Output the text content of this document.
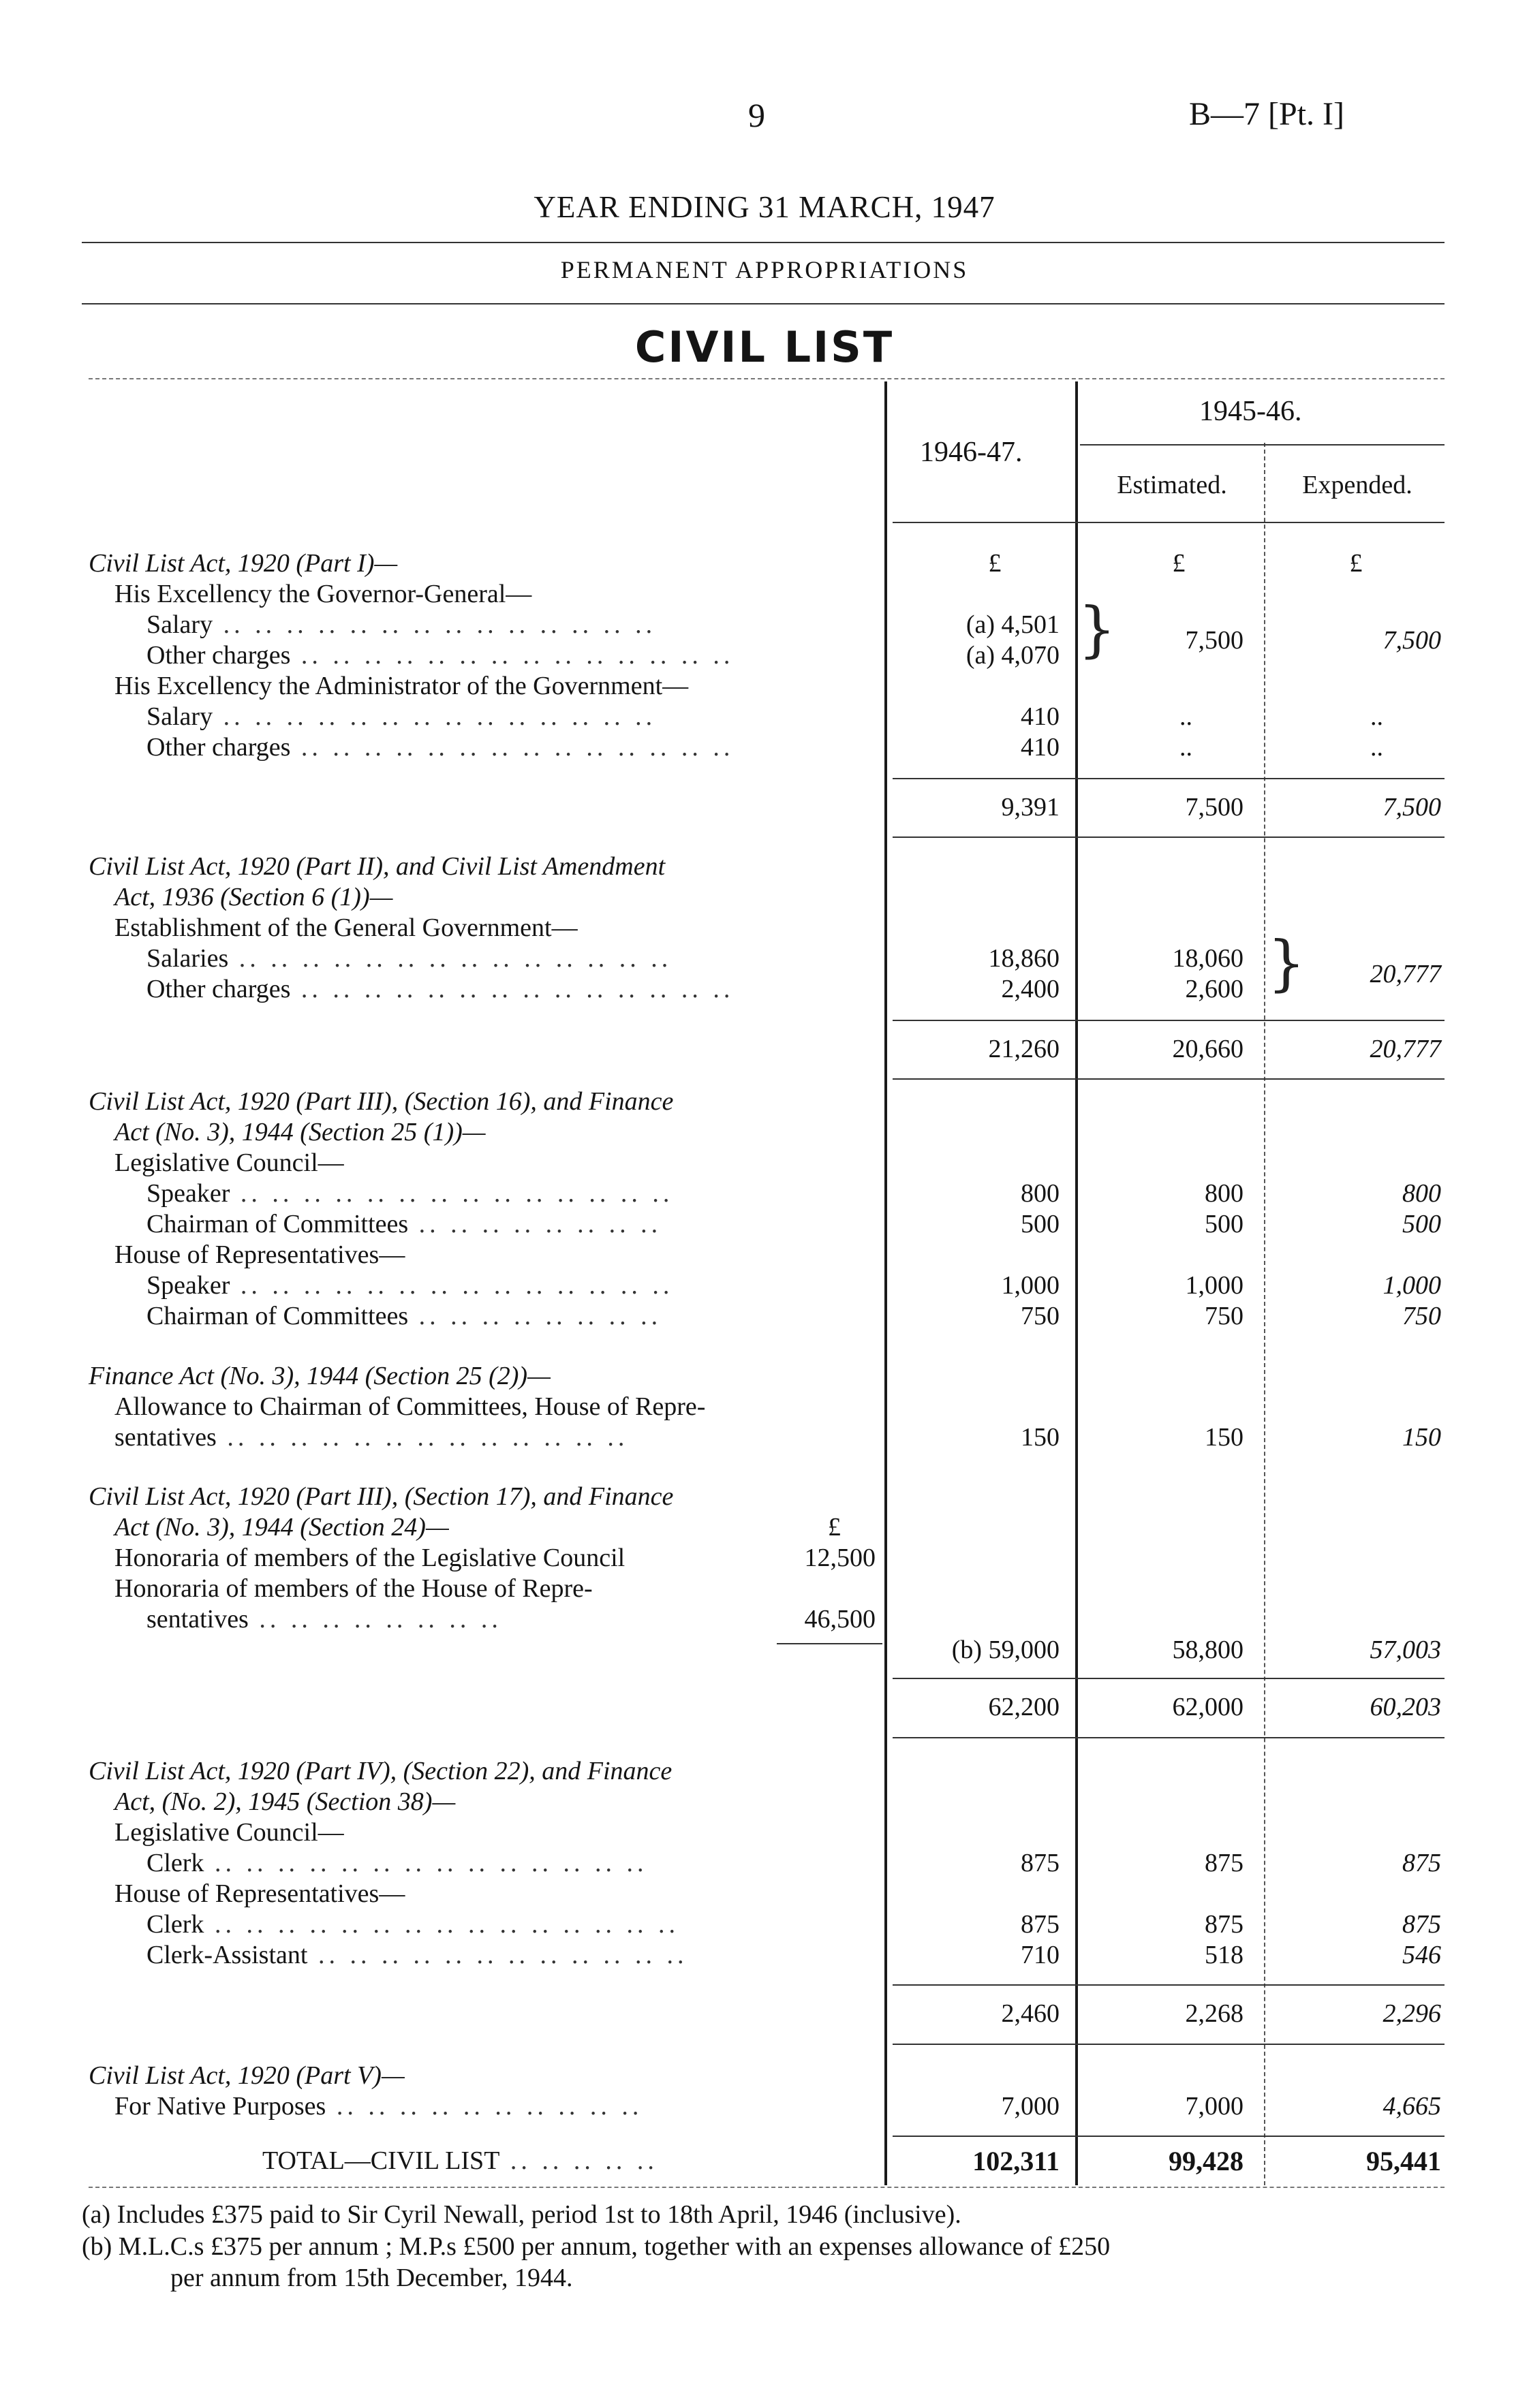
9	B—7 [Pt. I]
YEAR ENDING 31 MARCH, 1947
PERMANENT APPROPRIATIONS
CIVIL LIST
1946-47.
1945-46.
Estimated.	Expended.
£	£	£
Civil List Act, 1920 (Part I)—
His Excellency the Governor-General—
Salary .. .. .. .. .. .. .. .. .. .. .. .. .. ..	(a) 4,501
Other charges .. .. .. .. .. .. .. .. .. .. .. .. .. ..	(a) 4,070 }	7,500	7,500
His Excellency the Administrator of the Government—
Salary .. .. .. .. .. .. .. .. .. .. .. .. .. ..	410	..	..
Other charges .. .. .. .. .. .. .. .. .. .. .. .. .. ..	410	..	..
9,391	7,500	7,500
Civil List Act, 1920 (Part II), and Civil List Amendment
Act, 1936 (Section 6 (1))—
Establishment of the General Government—
Salaries .. .. .. .. .. .. .. .. .. .. .. .. .. ..	18,860	18,060
Other charges .. .. .. .. .. .. .. .. .. .. .. .. .. ..	2,400	2,600 }	20,777
21,260	20,660	20,777
Civil List Act, 1920 (Part III), (Section 16), and Finance
Act (No. 3), 1944 (Section 25 (1))—
Legislative Council—
Speaker .. .. .. .. .. .. .. .. .. .. .. .. .. ..	800	800	800
Chairman of Committees .. .. .. .. .. .. .. ..	500	500	500
House of Representatives—
Speaker .. .. .. .. .. .. .. .. .. .. .. .. .. ..	1,000	1,000	1,000
Chairman of Committees .. .. .. .. .. .. .. ..	750	750	750
Finance Act (No. 3), 1944 (Section 25 (2))—
Allowance to Chairman of Committees, House of Repre-
sentatives .. .. .. .. .. .. .. .. .. .. .. .. ..	150	150	150
Civil List Act, 1920 (Part III), (Section 17), and Finance
Act (No. 3), 1944 (Section 24)—	£
Honoraria of members of the Legislative Council	12,500
Honoraria of members of the House of Repre-
sentatives .. .. .. .. .. .. .. ..	46,500
(b) 59,000	58,800	57,003
62,200	62,000	60,203
Civil List Act, 1920 (Part IV), (Section 22), and Finance
Act, (No. 2), 1945 (Section 38)—
Legislative Council—
Clerk .. .. .. .. .. .. .. .. .. .. .. .. .. ..	875	875	875
House of Representatives—
Clerk .. .. .. .. .. .. .. .. .. .. .. .. .. .. ..	875	875	875
Clerk-Assistant .. .. .. .. .. .. .. .. .. .. .. ..	710	518	546
2,460	2,268	2,296
Civil List Act, 1920 (Part V)—
For Native Purposes .. .. .. .. .. .. .. .. .. ..	7,000	7,000	4,665
TOTAL—CIVIL LIST .. .. .. .. ..	102,311	99,428	95,441
(a) Includes £375 paid to Sir Cyril Newall, period 1st to 18th April, 1946 (inclusive).
(b) M.L.C.s £375 per annum ; M.P.s £500 per annum, together with an expenses allowance of £250
per annum from 15th December, 1944.
